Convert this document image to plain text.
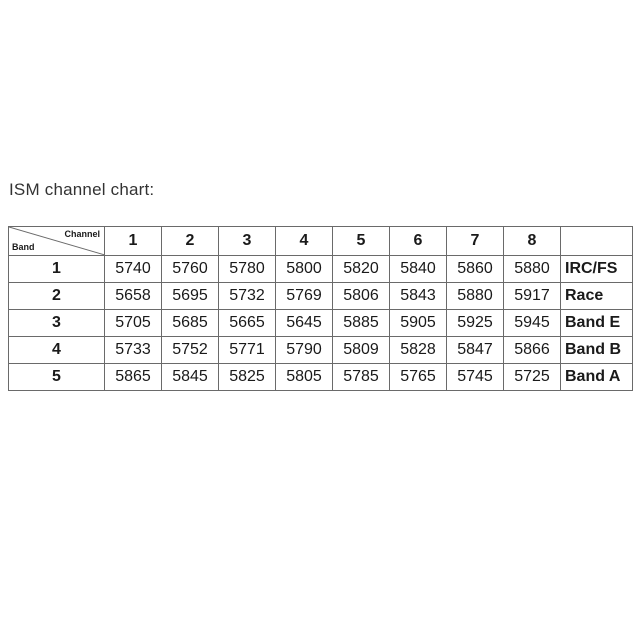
ISM channel chart:
Channel
Band	1	2	3	4	5	6	7	8	
1	5740	5760	5780	5800	5820	5840	5860	5880	IRC/FS
2	5658	5695	5732	5769	5806	5843	5880	5917	Race
3	5705	5685	5665	5645	5885	5905	5925	5945	Band E
4	5733	5752	5771	5790	5809	5828	5847	5866	Band B
5	5865	5845	5825	5805	5785	5765	5745	5725	Band A
